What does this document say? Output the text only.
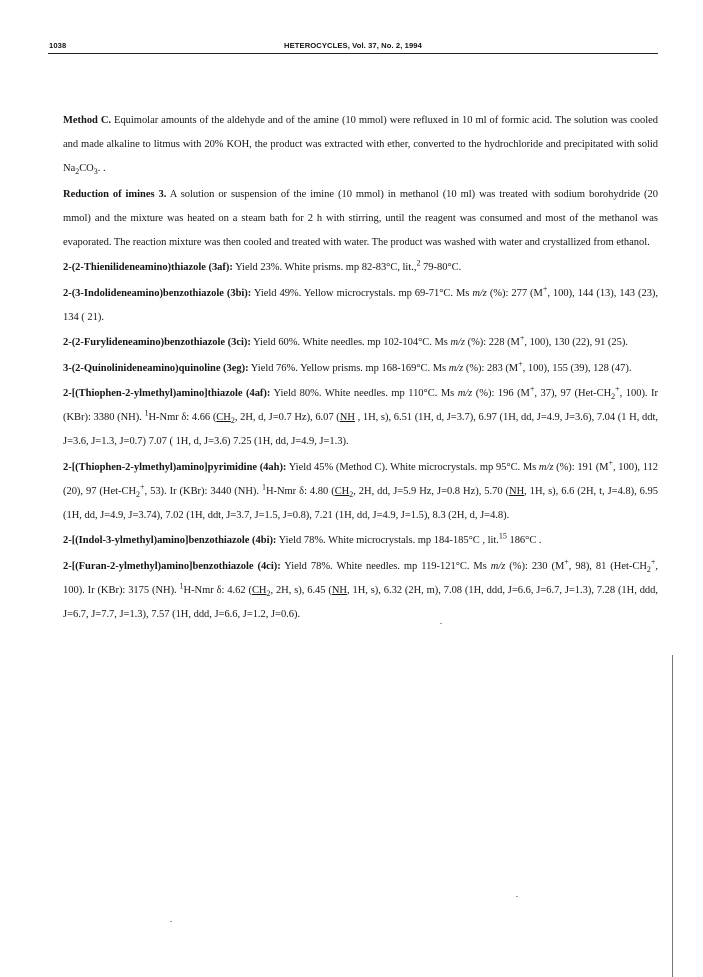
1038	HETEROCYCLES, Vol. 37, No. 2, 1994

Method C. Equimolar amounts of the aldehyde and of the amine (10 mmol) were refluxed in 10 ml of formic acid. The solution was cooled and made alkaline to litmus with 20% KOH, the product was extracted with ether, converted to the hydrochloride and precipitated with solid $Na_2CO_3$. .

Reduction of imines 3. A solution or suspension of the imine (10 mmol) in methanol (10 ml) was treated with sodium borohydride (20 mmol) and the mixture was heated on a steam bath for 2 h with stirring, until the reagent was consumed and most of the methanol was evaporated. The reaction mixture was then cooled and treated with water. The product was washed with water and crystallized from ethanol.

2-(2-Thienilideneamino)thiazole (3af): Yield 23%. White prisms. mp 82-83°C, lit.,$^2$ 79-80°C.

2-(3-Indolideneamino)benzothiazole (3bi): Yield 49%. Yellow microcrystals. mp 69-71°C. Ms m/z (%): 277 (M+, 100), 144 (13), 143 (23), 134 ( 21).

2-(2-Furylideneamino)benzothiazole (3ci): Yield 60%. White needles. mp 102-104°C. Ms m/z (%): 228 (M+, 100), 130 (22), 91 (25).

3-(2-Quinolinideneamino)quinoline (3eg): Yield 76%. Yellow prisms. mp 168-169°C. Ms m/z (%): 283 (M+, 100), 155 (39), 128 (47).

2-[(Thiophen-2-ylmethyl)amino]thiazole (4af): Yield 80%. White needles. mp 110°C. Ms m/z (%): 196 (M+, 37), 97 ($Het-CH_2^+$, 100). Ir (KBr): 3380 (NH). $^1$H-Nmr δ: 4.66 ($CH_2$, 2H, d, J=0.7 Hz), 6.07 (NH , 1H, s), 6.51 (1H, d, J=3.7), 6.97 (1H, dd, J=4.9, J=3.6), 7.04 (1 H, ddt, J=3.6, J=1.3, J=0.7) 7.07 ( 1H, d, J=3.6) 7.25 (1H, dd, J=4.9, J=1.3).

2-[(Thiophen-2-ylmethyl)amino]pyrimidine (4ah): Yield 45% (Method C). White microcrystals. mp 95°C. Ms m/z (%): 191 (M+, 100), 112 (20), 97 ($Het-CH_2^+$, 53). Ir (KBr): 3440 (NH). $^1$H-Nmr δ: 4.80 ($CH_2$, 2H, dd, J=5.9 Hz, J=0.8 Hz), 5.70 (NH, 1H, s), 6.6 (2H, t, J=4.8), 6.95 (1H, dd, J=4.9, J=3.74), 7.02 (1H, ddt, J=3.7, J=1.5, J=0.8), 7.21 (1H, dd, J=4.9, J=1.5), 8.3 (2H, d, J=4.8).

2-[(Indol-3-ylmethyl)amino]benzothiazole (4bi): Yield 78%. White microcrystals. mp 184-185°C , lit.$^{15}$ 186°C .

2-[(Furan-2-ylmethyl)amino]benzothiazole (4ci): Yield 78%. White needles. mp 119-121°C. Ms m/z (%): 230 (M+, 98), 81 ($Het-CH_2^+$, 100). Ir (KBr): 3175 (NH). $^1$H-Nmr δ: 4.62 ($CH_2$, 2H, s), 6.45 (NH, 1H, s), 6.32 (2H, m), 7.08 (1H, ddd, J=6.6, J=6.7, J=1.3), 7.28 (1H, ddd, J=6.7, J=7.7, J=1.3), 7.57 (1H, ddd, J=6.6, J=1.2, J=0.6).
